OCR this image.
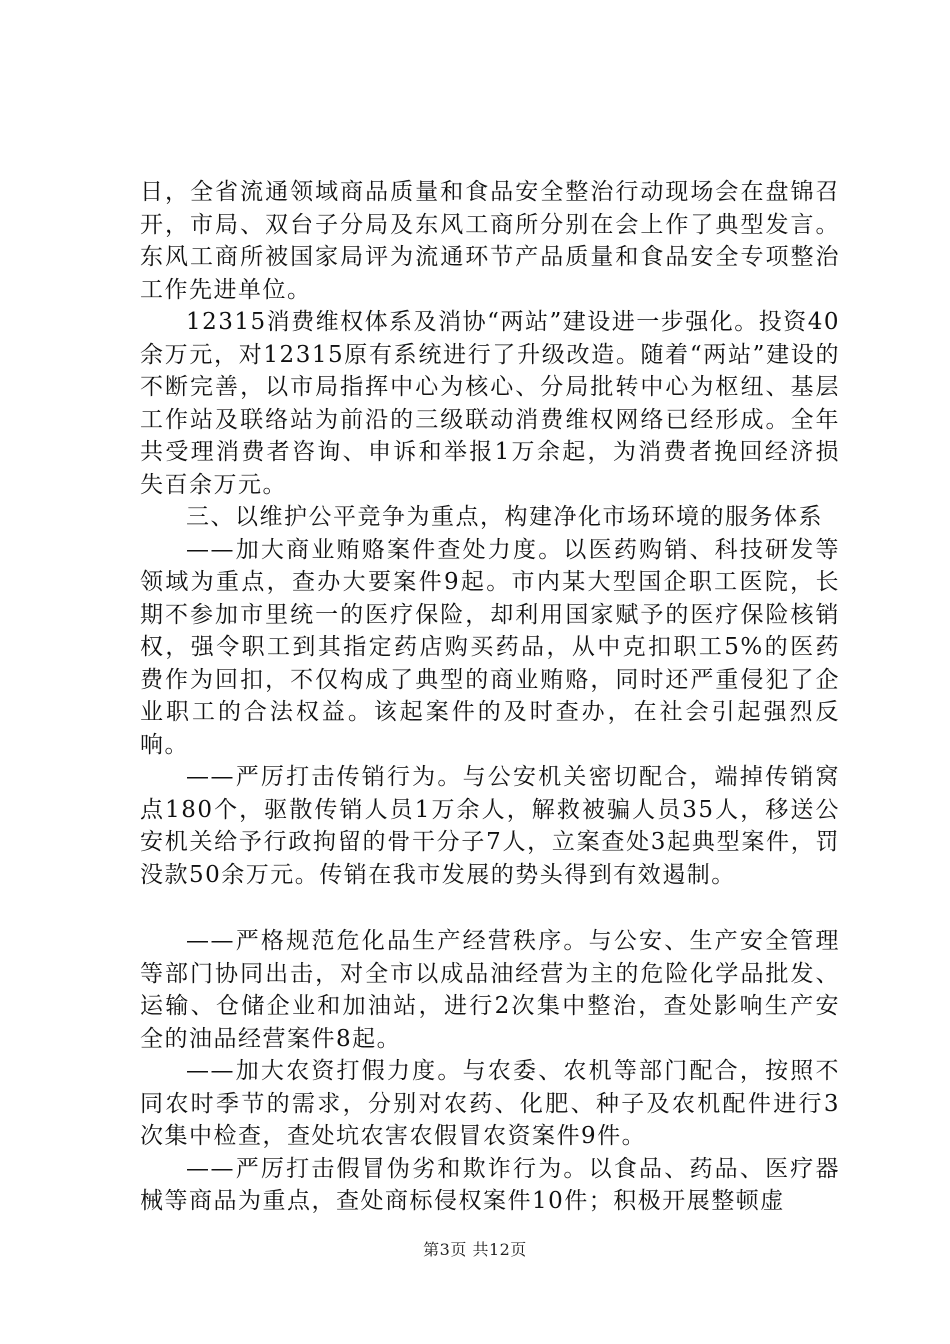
日，全省流通领域商品质量和食品安全整治行动现场会在盘锦召开，市局、双台子分局及东风工商所分别在会上作了典型发言。东风工商所被国家局评为流通环节产品质量和食品安全专项整治工作先进单位。

12315消费维权体系及消协“两站”建设进一步强化。投资40余万元，对12315原有系统进行了升级改造。随着“两站”建设的不断完善，以市局指挥中心为核心、分局批转中心为枢纽、基层工作站及联络站为前沿的三级联动消费维权网络已经形成。全年共受理消费者咨询、申诉和举报1万余起，为消费者挽回经济损失百余万元。

三、以维护公平竞争为重点，构建净化市场环境的服务体系

——加大商业贿赂案件查处力度。以医药购销、科技研发等领域为重点，查办大要案件9起。市内某大型国企职工医院，长期不参加市里统一的医疗保险，却利用国家赋予的医疗保险核销权，强令职工到其指定药店购买药品，从中克扣职工5%的医药费作为回扣，不仅构成了典型的商业贿赂，同时还严重侵犯了企业职工的合法权益。该起案件的及时查办，在社会引起强烈反响。

——严厉打击传销行为。与公安机关密切配合，端掉传销窝点180个，驱散传销人员1万余人，解救被骗人员35人，移送公安机关给予行政拘留的骨干分子7人，立案查处3起典型案件，罚没款50余万元。传销在我市发展的势头得到有效遏制。

——严格规范危化品生产经营秩序。与公安、生产安全管理等部门协同出击，对全市以成品油经营为主的危险化学品批发、运输、仓储企业和加油站，进行2次集中整治，查处影响生产安全的油品经营案件8起。

——加大农资打假力度。与农委、农机等部门配合，按照不同农时季节的需求，分别对农药、化肥、种子及农机配件进行3次集中检查，查处坑农害农假冒农资案件9件。

——严厉打击假冒伪劣和欺诈行为。以食品、药品、医疗器械等商品为重点，查处商标侵权案件10件；积极开展整顿虚

第3页 共12页
